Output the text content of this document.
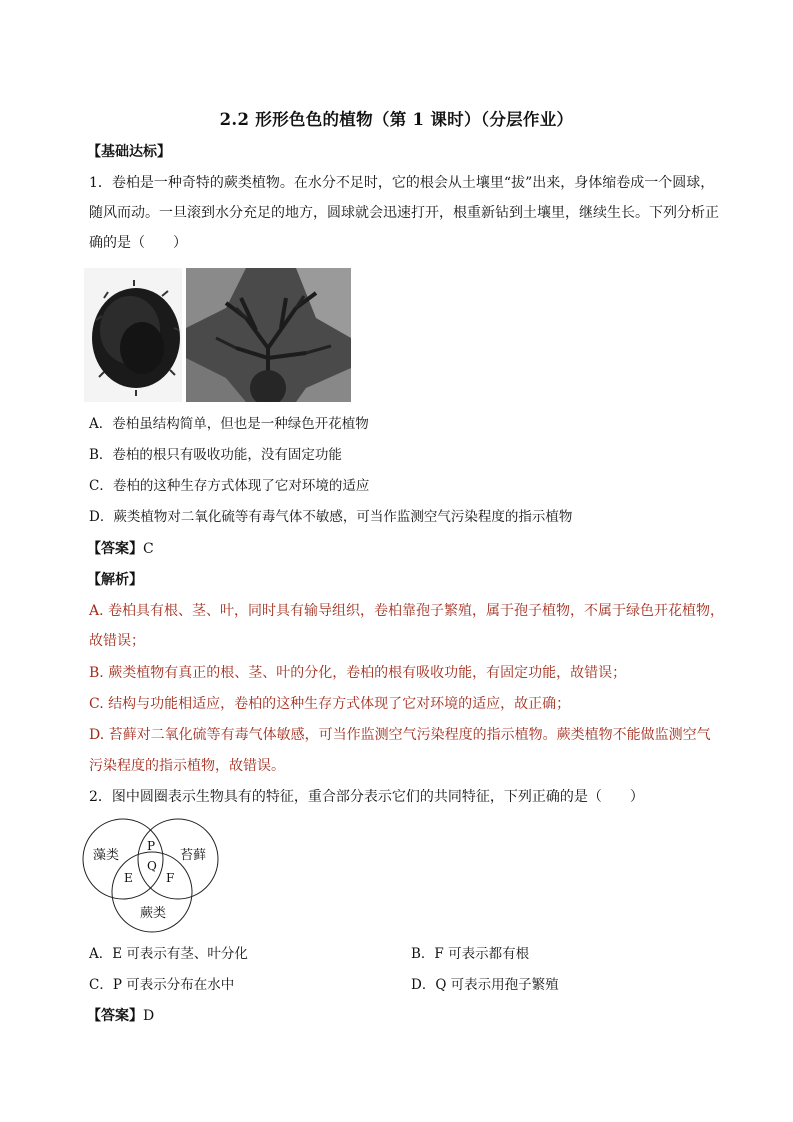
2.2 形形色色的植物（第 1 课时）（分层作业）
【基础达标】
1．卷柏是一种奇特的蕨类植物。在水分不足时，它的根会从土壤里“拔”出来，身体缩卷成一个圆球，
随风而动。一旦滚到水分充足的地方，圆球就会迅速打开，根重新钻到土壤里，继续生长。下列分析正
确的是（　　）
A．卷柏虽结构简单，但也是一种绿色开花植物
B．卷柏的根只有吸收功能，没有固定功能
C．卷柏的这种生存方式体现了它对环境的适应
D．蕨类植物对二氧化硫等有毒气体不敏感，可当作监测空气污染程度的指示植物
【答案】C
【解析】
A. 卷柏具有根、茎、叶，同时具有输导组织，卷柏靠孢子繁殖，属于孢子植物，不属于绿色开花植物，
故错误；
B. 蕨类植物有真正的根、茎、叶的分化，卷柏的根有吸收功能，有固定功能，故错误；
C. 结构与功能相适应，卷柏的这种生存方式体现了它对环境的适应，故正确；
D. 苔藓对二氧化硫等有毒气体敏感，可当作监测空气污染程度的指示植物。蕨类植物不能做监测空气
污染程度的指示植物，故错误。
2．图中圆圈表示生物具有的特征，重合部分表示它们的共同特征，下列正确的是（　　）
藻类	苔藓
蕨类
P
Q
E	F
A．E 可表示有茎、叶分化	B．F 可表示都有根
C．P 可表示分布在水中	D．Q 可表示用孢子繁殖
【答案】D
